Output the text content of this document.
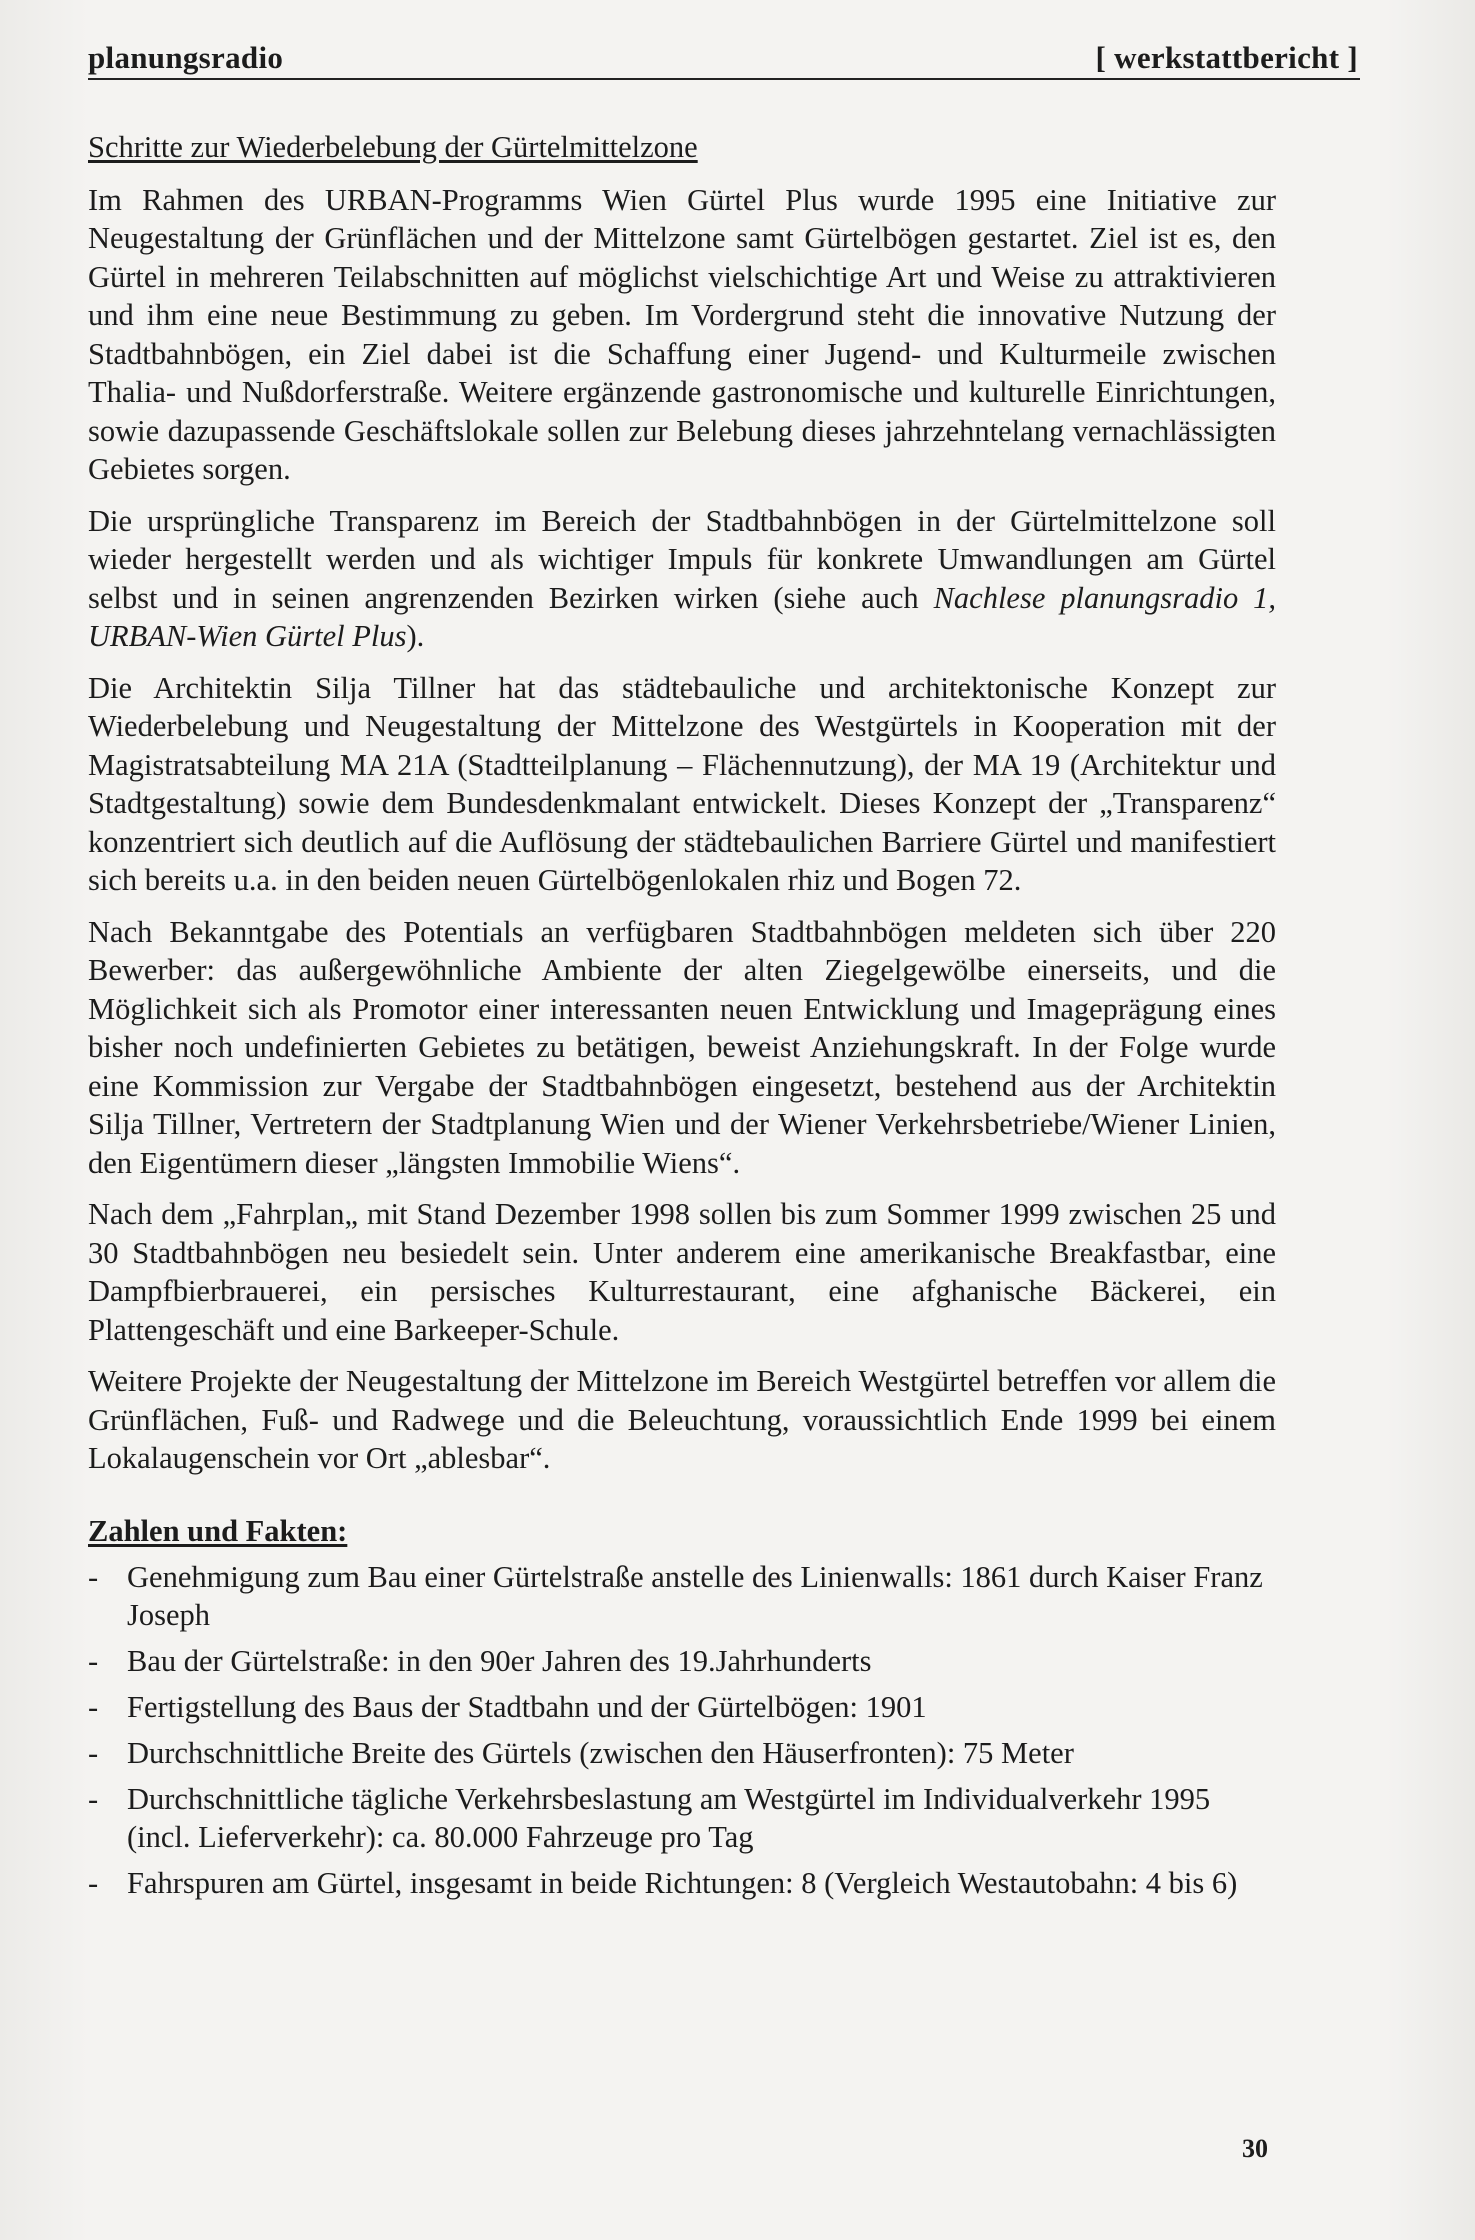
planungsradio	[ werkstattbericht ]
Schritte zur Wiederbelebung der Gürtelmittelzone

Im Rahmen des URBAN-Programms Wien Gürtel Plus wurde 1995 eine Initiative zur Neugestaltung der Grünflächen und der Mittelzone samt Gürtelbögen gestartet. Ziel ist es, den Gürtel in mehreren Teilabschnitten auf möglichst vielschichtige Art und Weise zu attraktivieren und ihm eine neue Bestimmung zu geben. Im Vordergrund steht die innovative Nutzung der Stadtbahnbögen, ein Ziel dabei ist die Schaffung einer Jugend- und Kulturmeile zwischen Thalia- und Nußdorferstraße. Weitere ergänzende gastronomische und kulturelle Einrichtungen, sowie dazupassende Geschäftslokale sollen zur Belebung dieses jahrzehntelang vernachlässigten Gebietes sorgen.

Die ursprüngliche Transparenz im Bereich der Stadtbahnbögen in der Gürtelmittelzone soll wieder hergestellt werden und als wichtiger Impuls für konkrete Umwandlungen am Gürtel selbst und in seinen angrenzenden Bezirken wirken (siehe auch Nachlese planungsradio 1, URBAN-Wien Gürtel Plus).

Die Architektin Silja Tillner hat das städtebauliche und architektonische Konzept zur Wiederbelebung und Neugestaltung der Mittelzone des Westgürtels in Kooperation mit der Magistratsabteilung MA 21A (Stadtteilplanung – Flächennutzung), der MA 19 (Architektur und Stadtgestaltung) sowie dem Bundesdenkmalant entwickelt. Dieses Konzept der „Transparenz“ konzentriert sich deutlich auf die Auflösung der städtebaulichen Barriere Gürtel und manifestiert sich bereits u.a. in den beiden neuen Gürtelbögenlokalen rhiz und Bogen 72.

Nach Bekanntgabe des Potentials an verfügbaren Stadtbahnbögen meldeten sich über 220 Bewerber: das außergewöhnliche Ambiente der alten Ziegelgewölbe einerseits, und die Möglichkeit sich als Promotor einer interessanten neuen Entwicklung und Imageprägung eines bisher noch undefinierten Gebietes zu betätigen, beweist Anziehungskraft. In der Folge wurde eine Kommission zur Vergabe der Stadtbahnbögen eingesetzt, bestehend aus der Architektin Silja Tillner, Vertretern der Stadtplanung Wien und der Wiener Verkehrsbetriebe/Wiener Linien, den Eigentümern dieser „längsten Immobilie Wiens“.

Nach dem „Fahrplan„ mit Stand Dezember 1998 sollen bis zum Sommer 1999 zwischen 25 und 30 Stadtbahnbögen neu besiedelt sein. Unter anderem eine amerikanische Breakfastbar, eine Dampfbierbrauerei, ein persisches Kulturrestaurant, eine afghanische Bäckerei, ein Plattengeschäft und eine Barkeeper-Schule.

Weitere Projekte der Neugestaltung der Mittelzone im Bereich Westgürtel betreffen vor allem die Grünflächen, Fuß- und Radwege und die Beleuchtung, voraussichtlich Ende 1999 bei einem Lokalaugenschein vor Ort „ablesbar“.

Zahlen und Fakten:
- Genehmigung zum Bau einer Gürtelstraße anstelle des Linienwalls: 1861 durch Kaiser Franz Joseph
- Bau der Gürtelstraße: in den 90er Jahren des 19.Jahrhunderts
- Fertigstellung des Baus der Stadtbahn und der Gürtelbögen: 1901
- Durchschnittliche Breite des Gürtels (zwischen den Häuserfronten): 75 Meter
- Durchschnittliche tägliche Verkehrsbeslastung am Westgürtel im Individualverkehr 1995 (incl. Lieferverkehr): ca. 80.000 Fahrzeuge pro Tag
- Fahrspuren am Gürtel, insgesamt in beide Richtungen: 8 (Vergleich Westautobahn: 4 bis 6)
30
